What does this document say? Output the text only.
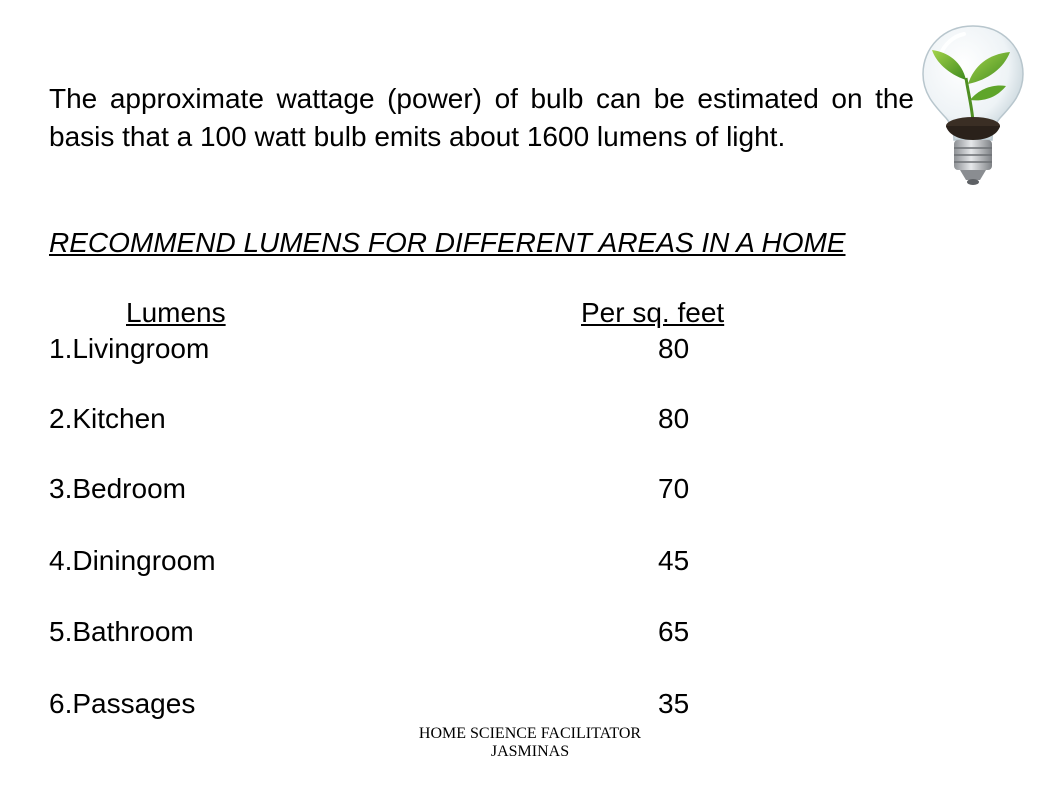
The approximate wattage (power) of bulb can be estimated on the basis that a 100 watt bulb emits about 1600 lumens of light.

RECOMMEND LUMENS FOR DIFFERENT AREAS IN A HOME

Lumens	Per sq. feet
1.Livingroom	80
2.Kitchen	80
3.Bedroom	70
4.Diningroom	45
5.Bathroom	65
6.Passages	35
HOME SCIENCE FACILITATOR
JASMINAS
